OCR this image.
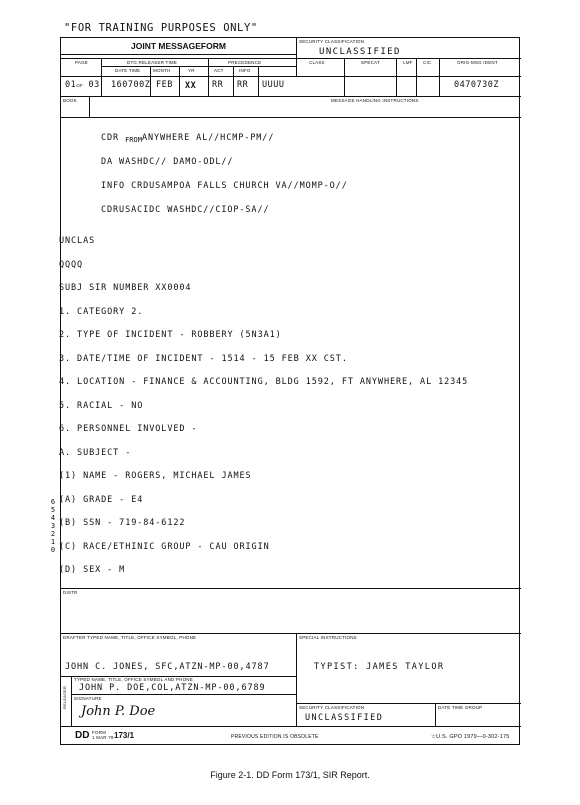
"FOR TRAINING PURPOSES ONLY"
JOINT MESSAGEFORM	SECURITY CLASSIFICATION
UNCLASSIFIED
PAGE	DTG RELEASER TIME	PRECEDENCE	CLASS	SPECAT	LMF CIC	ORIG-MSG IDENT
DATE TIME	MONTH	YR	ACT	INFO
01OF 03 160700Z FEB XX RR RR UUUU	0470730Z
BOOK	MESSAGE HANDLING INSTRUCTIONS
CDR $_{FROM}$ANYWHERE AL//HCMP-PM//
DA WASHDC// DAMO-ODL//
INFO CRDUSAMPOA FALLS CHURCH VA//MOMP-O//
CDRUSACIDC WASHDC//CIOP-SA//
UNCLAS
QQQQ
SUBJ SIR NUMBER XX0004
1. CATEGORY 2.
2. TYPE OF INCIDENT - ROBBERY (5N3A1)
3. DATE/TIME OF INCIDENT - 1514 - 15 FEB XX CST.
4. LOCATION - FINANCE & ACCOUNTING, BLDG 1592, FT ANYWHERE, AL 12345
5. RACIAL - NO
6. PERSONNEL INVOLVED -
A. SUBJECT -
(1) NAME - ROGERS, MICHAEL JAMES
(A) GRADE - E4
(B) SSN - 719-84-6122
(C) RACE/ETHINIC GROUP - CAU ORIGIN
(D) SEX - M
DISTR
DRAFTER TYPED NAME, TITLE, OFFICE SYMBOL, PHONE	SPECIAL INSTRUCTIONS
JOHN C. JONES, SFC,ATZN-MP-00,4787	TYPIST: JAMES TAYLOR
RELEASER
TYPED NAME, TITLE, OFFICE SYMBOL AND PHONE
JOHN P. DOE,COL,ATZN-MP-00,6789
SIGNATURE
John P. Doe	SECURITY CLASSIFICATION	DATE TIME GROUP
UNCLASSIFIED
DD FORM
1 MAR 79 173/1	PREVIOUS EDITION IS OBSOLETE	☆U.S. GPO 1979—0-302-175
6
5
4
3
2
1
0
Figure 2-1. DD Form 173/1, SIR Report.
